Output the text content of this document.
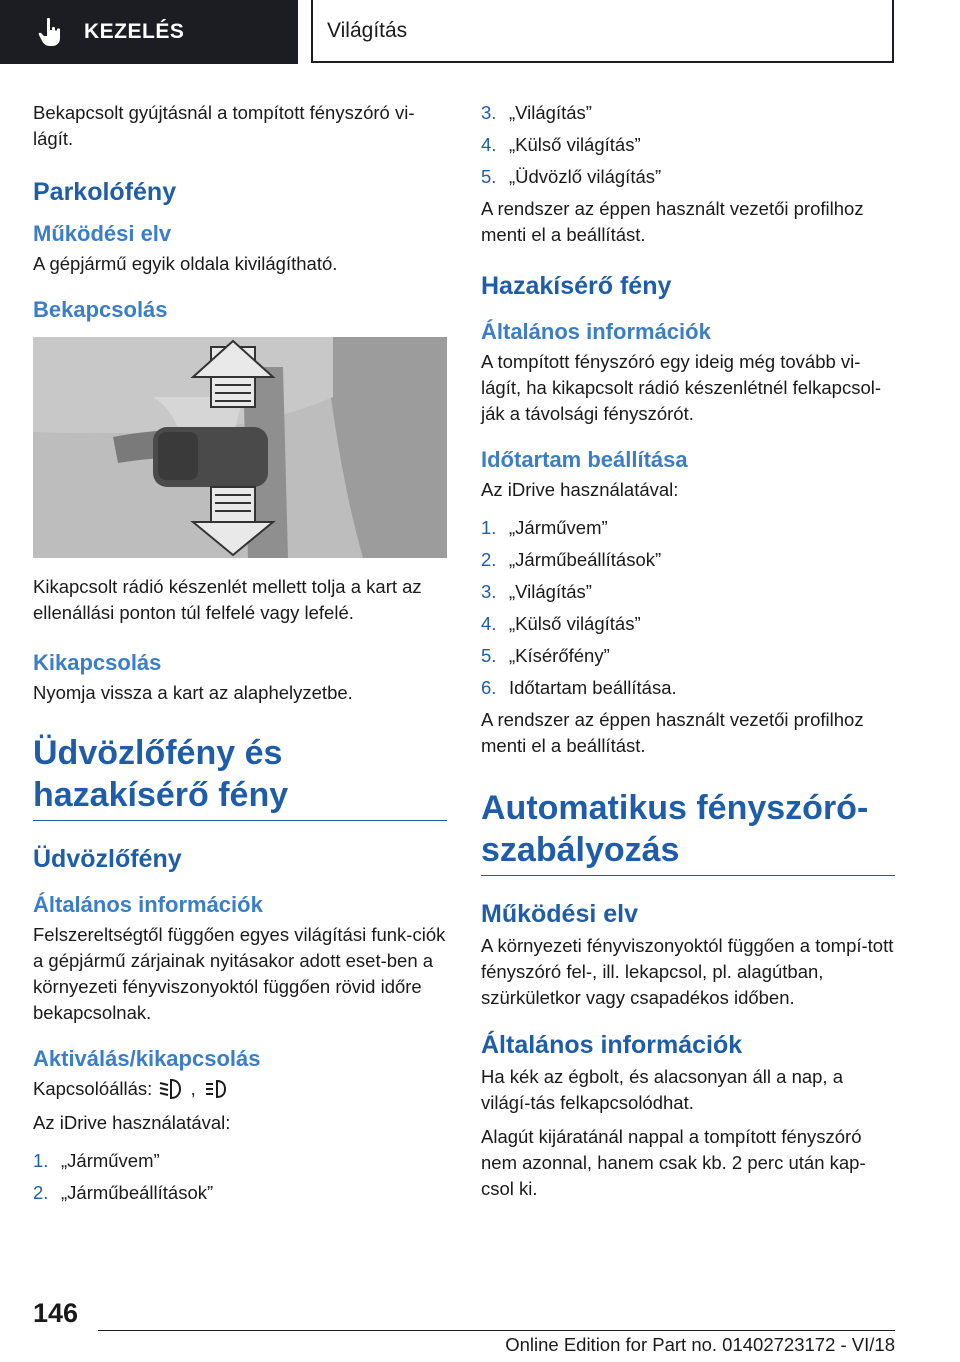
KEZELÉS	Világítás

Bekapcsolt gyújtásnál a tompított fényszóró vi-lágít.

Parkolófény
Működési elv

A gépjármű egyik oldala kivilágítható.

Bekapcsolás

Kikapcsolt rádió készenlét mellett tolja a kart az ellenállási ponton túl felfelé vagy lefelé.

Kikapcsolás

Nyomja vissza a kart az alaphelyzetbe.

Üdvözlőfény és hazakísérő fény
Üdvözlőfény
Általános információk

Felszereltségtől függően egyes világítási funk-ciók a gépjármű zárjainak nyitásakor adott eset-ben a környezeti fényviszonyoktól függően rövid időre bekapcsolnak.

Aktiválás/kikapcsolás

Kapcsolóállás: ,

Az iDrive használatával:

1. „Járművem”
2. „Járműbeállítások”
3. „Világítás”
4. „Külső világítás”
5. „Üdvözlő világítás”

A rendszer az éppen használt vezetői profilhoz menti el a beállítást.

Hazakísérő fény
Általános információk

A tompított fényszóró egy ideig még tovább vi-lágít, ha kikapcsolt rádió készenlétnél felkapcsol-ják a távolsági fényszórót.

Időtartam beállítása

Az iDrive használatával:

1. „Járművem”
2. „Járműbeállítások”
3. „Világítás”
4. „Külső világítás”
5. „Kísérőfény”
6. Időtartam beállítása.

A rendszer az éppen használt vezetői profilhoz menti el a beállítást.

Automatikus fényszóró-szabályozás
Működési elv

A környezeti fényviszonyoktól függően a tompí-tott fényszóró fel-, ill. lekapcsol, pl. alagútban, szürkületkor vagy csapadékos időben.

Általános információk

Ha kék az égbolt, és alacsonyan áll a nap, a világí-tás felkapcsolódhat.

Alagút kijáratánál nappal a tompított fényszóró nem azonnal, hanem csak kb. 2 perc után kap-csol ki.

146
Online Edition for Part no. 01402723172 - VI/18
